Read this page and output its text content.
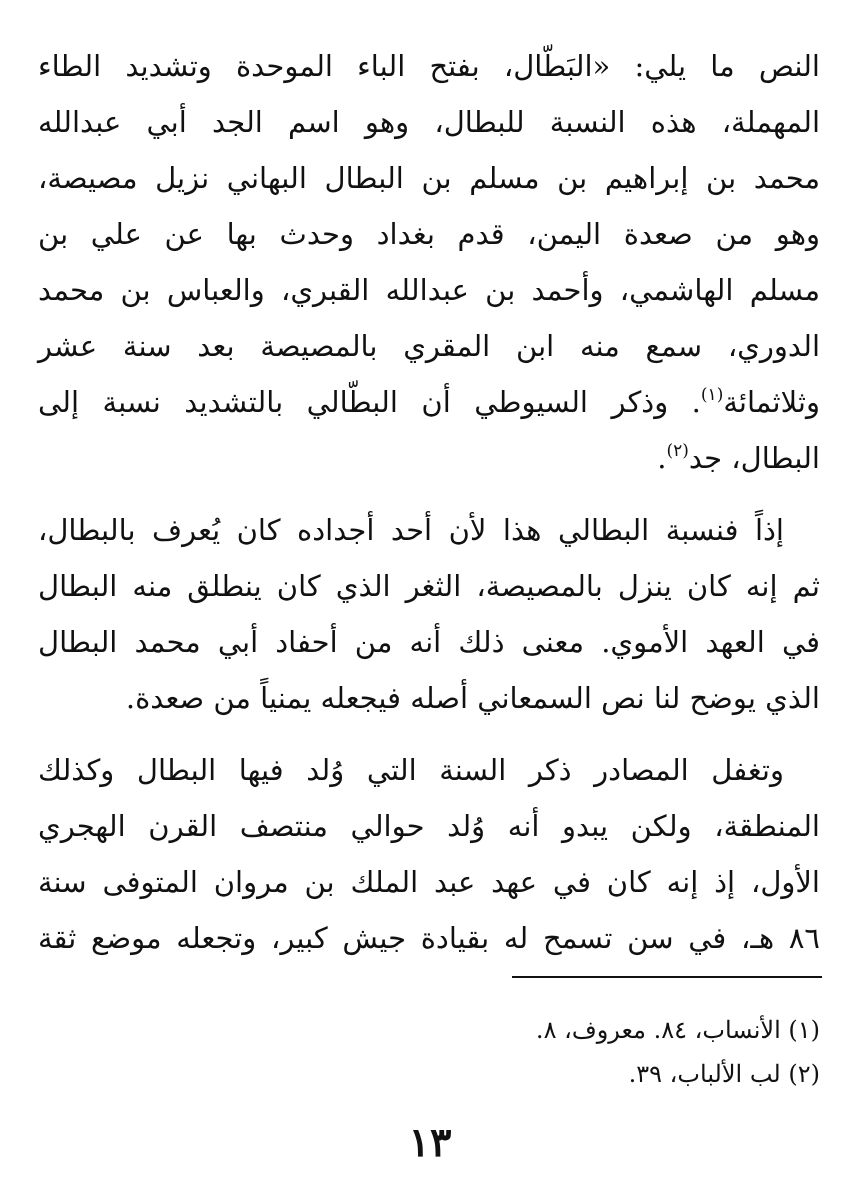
النص ما يلي: «البَطّال، بفتح الباء الموحدة وتشديد الطاء
المهملة، هذه النسبة للبطال، وهو اسم الجد أبي عبدالله
محمد بن إبراهيم بن مسلم بن البطال البهاني نزيل مصيصة،
وهو من صعدة اليمن، قدم بغداد وحدث بها عن علي بن
مسلم الهاشمي، وأحمد بن عبدالله القبري، والعباس بن محمد
الدوري، سمع منه ابن المقري بالمصيصة بعد سنة عشر
وثلاثمائة$^{(١)}$. وذكر السيوطي أن البطّالي بالتشديد نسبة إلى
البطال، جد$^{(٢)}$.
إذاً فنسبة البطالي هذا لأن أحد أجداده كان يُعرف بالبطال،
ثم إنه كان ينزل بالمصيصة، الثغر الذي كان ينطلق منه البطال
في العهد الأموي. معنى ذلك أنه من أحفاد أبي محمد البطال
الذي يوضح لنا نص السمعاني أصله فيجعله يمنياً من صعدة.
وتغفل المصادر ذكر السنة التي وُلد فيها البطال وكذلك
المنطقة، ولكن يبدو أنه وُلد حوالي منتصف القرن الهجري
الأول، إذ إنه كان في عهد عبد الملك بن مروان المتوفى سنة
٨٦ هـ، في سن تسمح له بقيادة جيش كبير، وتجعله موضع ثقة
(١) الأنساب، ٨٤. معروف، ٨.
(٢) لب الألباب، ٣٩.
١٣
